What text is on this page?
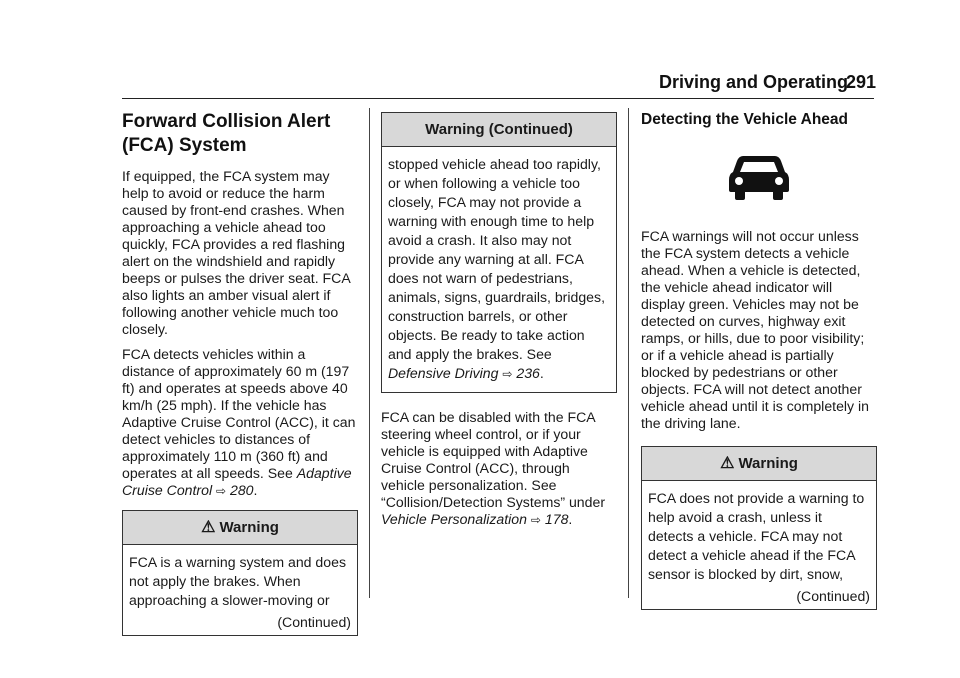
Driving and Operating
291
Forward Collision Alert
(FCA) System

If equipped, the FCA system may help to avoid or reduce the harm caused by front-end crashes. When approaching a vehicle ahead too quickly, FCA provides a red flashing alert on the windshield and rapidly beeps or pulses the driver seat. FCA also lights an amber visual alert if following another vehicle much too closely.

FCA detects vehicles within a distance of approximately 60 m (197 ft) and operates at speeds above 40 km/h (25 mph). If the vehicle has Adaptive Cruise Control (ACC), it can detect vehicles to distances of approximately 110 m (360 ft) and operates at all speeds. See Adaptive Cruise Control ⇨ 280.

⚠ Warning
FCA is a warning system and does not apply the brakes. When approaching a slower-moving or
(Continued)
Warning (Continued)
stopped vehicle ahead too rapidly, or when following a vehicle too closely, FCA may not provide a warning with enough time to help avoid a crash. It also may not provide any warning at all. FCA does not warn of pedestrians, animals, signs, guardrails, bridges, construction barrels, or other objects. Be ready to take action and apply the brakes. See Defensive Driving ⇨ 236.

FCA can be disabled with the FCA steering wheel control, or if your vehicle is equipped with Adaptive Cruise Control (ACC), through vehicle personalization. See “Collision/Detection Systems” under Vehicle Personalization ⇨ 178.

Detecting the Vehicle Ahead

FCA warnings will not occur unless the FCA system detects a vehicle ahead. When a vehicle is detected, the vehicle ahead indicator will display green. Vehicles may not be detected on curves, highway exit ramps, or hills, due to poor visibility; or if a vehicle ahead is partially blocked by pedestrians or other objects. FCA will not detect another vehicle ahead until it is completely in the driving lane.

⚠ Warning
FCA does not provide a warning to help avoid a crash, unless it detects a vehicle. FCA may not detect a vehicle ahead if the FCA sensor is blocked by dirt, snow,
(Continued)
